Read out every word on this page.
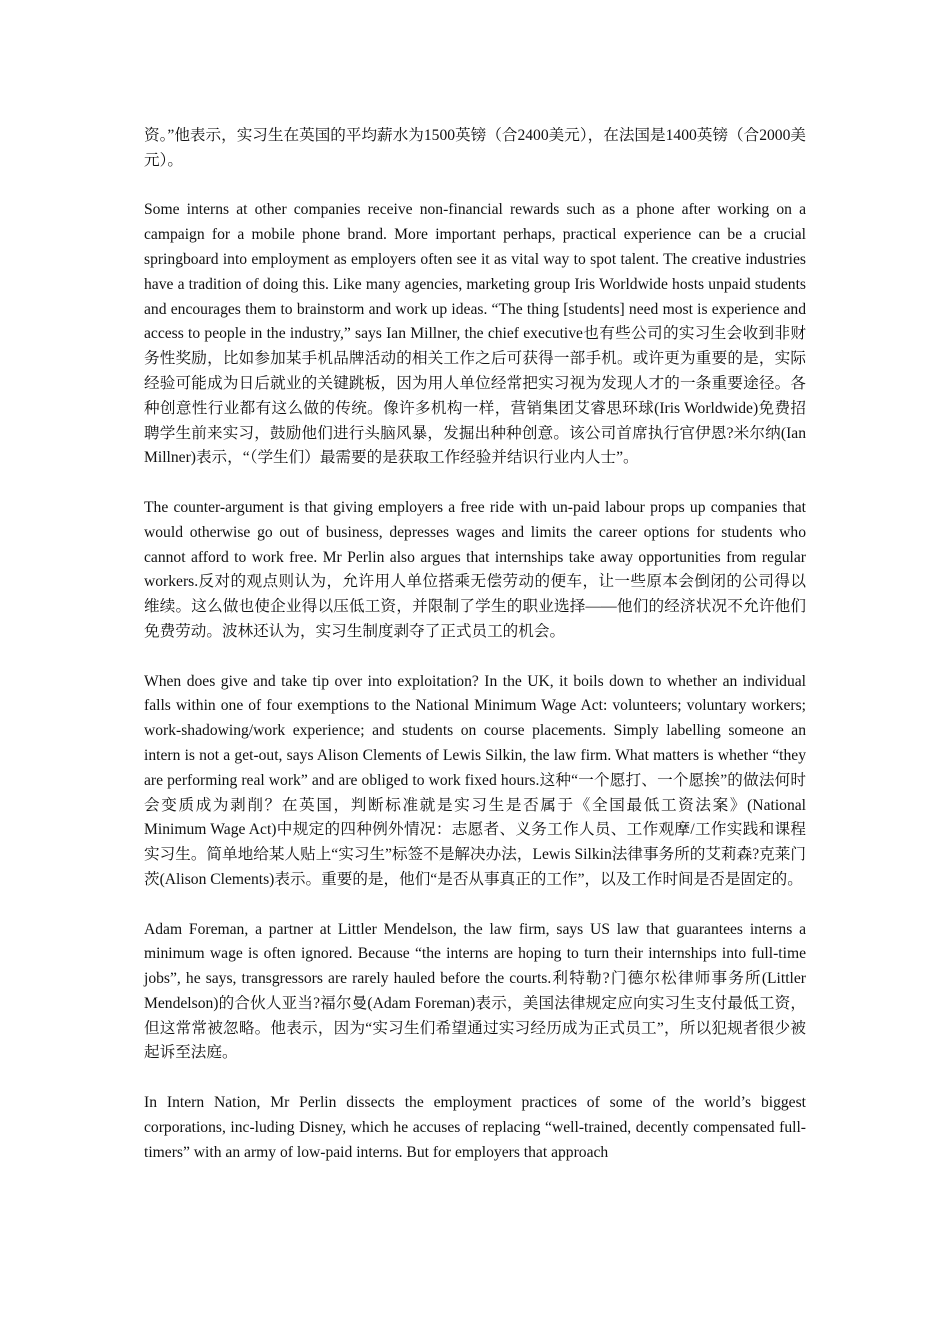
资。”他表示，实习生在英国的平均薪水为1500英镑（合2400美元），在法国是1400英镑（合2000美元）。

Some interns at other companies receive non-financial rewards such as a phone after working on a campaign for a mobile phone brand. More important perhaps, practical experience can be a crucial springboard into employment as employers often see it as vital way to spot talent. The creative industries have a tradition of doing this. Like many agencies, marketing group Iris Worldwide hosts unpaid students and encourages them to brainstorm and work up ideas. “The thing [students] need most is experience and access to people in the industry,” says Ian Millner, the chief executive也有些公司的实习生会收到非财务性奖励，比如参加某手机品牌活动的相关工作之后可获得一部手机。或许更为重要的是，实际经验可能成为日后就业的关键跳板，因为用人单位经常把实习视为发现人才的一条重要途径。各种创意性行业都有这么做的传统。像许多机构一样，营销集团艾睿思环球(Iris Worldwide)免费招聘学生前来实习，鼓励他们进行头脑风暴，发掘出种种创意。该公司首席执行官伊恩?米尔纳(Ian Millner)表示，“（学生们）最需要的是获取工作经验并结识行业内人士”。

The counter-argument is that giving employers a free ride with un-paid labour props up companies that would otherwise go out of business, depresses wages and limits the career options for students who cannot afford to work free. Mr Perlin also argues that internships take away opportunities from regular workers.反对的观点则认为，允许用人单位搭乘无偿劳动的便车，让一些原本会倒闭的公司得以维续。这么做也使企业得以压低工资，并限制了学生的职业选择——他们的经济状况不允许他们免费劳动。波林还认为，实习生制度剥夺了正式员工的机会。

When does give and take tip over into exploitation? In the UK, it boils down to whether an individual falls within one of four exemptions to the National Minimum Wage Act: volunteers; voluntary workers; work-shadowing/work experience; and students on course placements. Simply labelling someone an intern is not a get-out, says Alison Clements of Lewis Silkin, the law firm. What matters is whether “they are performing real work” and are obliged to work fixed hours.这种“一个愿打、一个愿挨”的做法何时会变质成为剥削？在英国，判断标准就是实习生是否属于《全国最低工资法案》(National Minimum Wage Act)中规定的四种例外情况：志愿者、义务工作人员、工作观摩/工作实践和课程实习生。简单地给某人贴上“实习生”标签不是解决办法，Lewis Silkin法律事务所的艾莉森?克莱门茨(Alison Clements)表示。重要的是，他们“是否从事真正的工作”，以及工作时间是否是固定的。

Adam Foreman, a partner at Littler Mendelson, the law firm, says US law that guarantees interns a minimum wage is often ignored. Because “the interns are hoping to turn their internships into full-time jobs”, he says, transgressors are rarely hauled before the courts.利特勒?门德尔松律师事务所(Littler Mendelson)的合伙人亚当?福尔曼(Adam Foreman)表示，美国法律规定应向实习生支付最低工资，但这常常被忽略。他表示，因为“实习生们希望通过实习经历成为正式员工”，所以犯规者很少被起诉至法庭。

In Intern Nation, Mr Perlin dissects the employment practices of some of the world’s biggest corporations, inc-luding Disney, which he accuses of replacing “well-trained, decently compensated full-timers” with an army of low-paid interns. But for employers that approach
